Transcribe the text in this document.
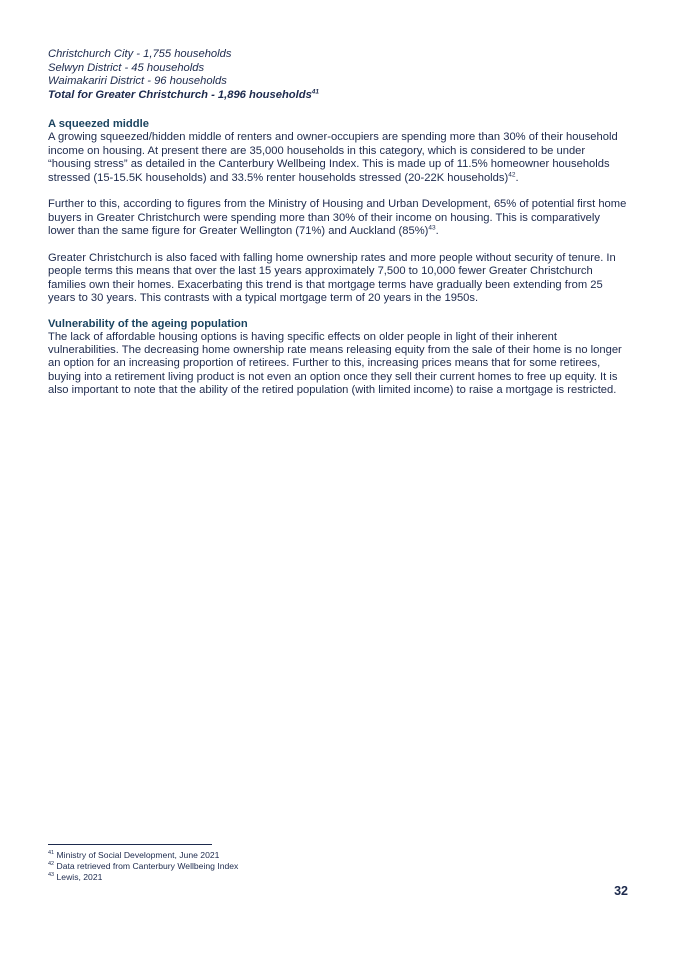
Christchurch City - 1,755 households
Selwyn District - 45 households
Waimakariri District - 96 households
Total for Greater Christchurch - 1,896 households$^{41}$
A squeezed middle

A growing squeezed/hidden middle of renters and owner-occupiers are spending more than 30% of their household income on housing. At present there are 35,000 households in this category, which is considered to be under “housing stress” as detailed in the Canterbury Wellbeing Index. This is made up of 11.5% homeowner households stressed (15-15.5K households) and 33.5% renter households stressed (20-22K households)$^{42}$.

Further to this, according to figures from the Ministry of Housing and Urban Development, 65% of potential first home buyers in Greater Christchurch were spending more than 30% of their income on housing. This is comparatively lower than the same figure for Greater Wellington (71%) and Auckland $(85\%)^{43}$.

Greater Christchurch is also faced with falling home ownership rates and more people without security of tenure. In people terms this means that over the last 15 years approximately 7,500 to 10,000 fewer Greater Christchurch families own their homes. Exacerbating this trend is that mortgage terms have gradually been extending from 25 years to 30 years. This contrasts with a typical mortgage term of 20 years in the 1950s.

Vulnerability of the ageing population

The lack of affordable housing options is having specific effects on older people in light of their inherent vulnerabilities. The decreasing home ownership rate means releasing equity from the sale of their home is no longer an option for an increasing proportion of retirees. Further to this, increasing prices means that for some retirees, buying into a retirement living product is not even an option once they sell their current homes to free up equity. It is also important to note that the ability of the retired population (with limited income) to raise a mortgage is restricted.

$^{41}$ Ministry of Social Development, June 2021
$^{42}$ Data retrieved from Canterbury Wellbeing Index
$^{43}$ Lewis, 2021
32
